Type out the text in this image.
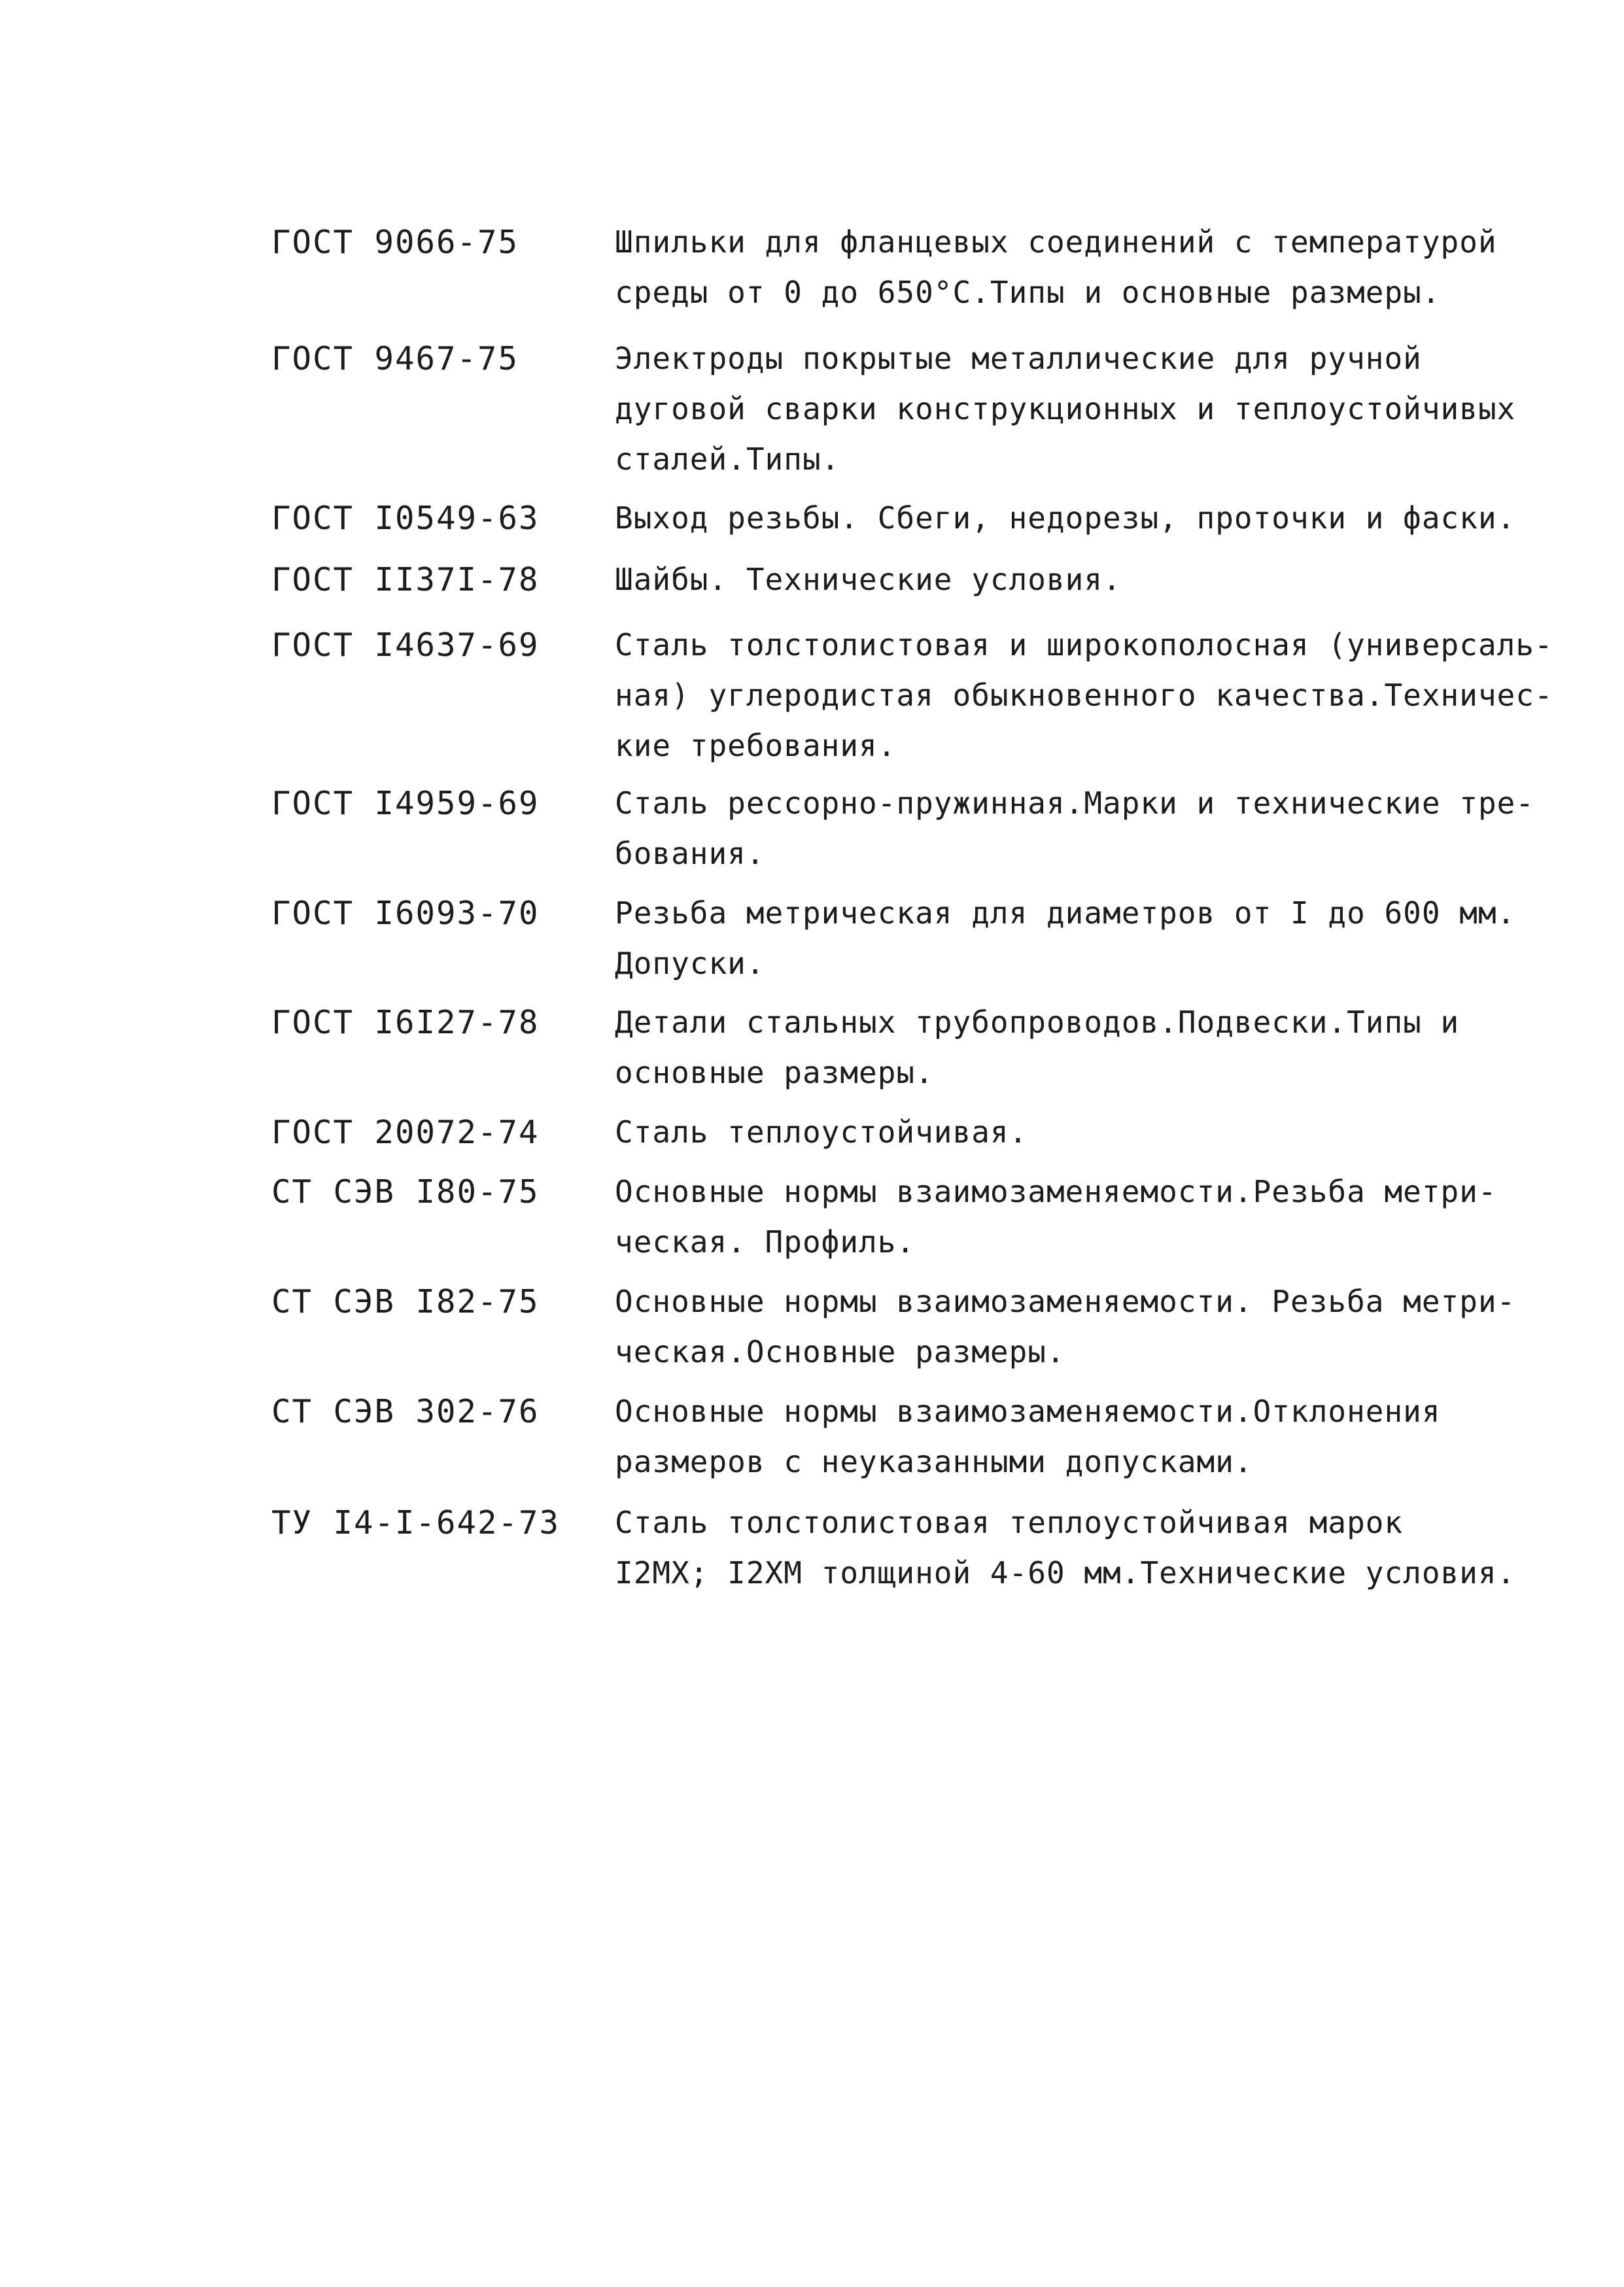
ГОСТ 9066-75	Шпильки для фланцевых соединений с температурой
среды от 0 до 650°С.Типы и основные размеры.
ГОСТ 9467-75	Электроды покрытые металлические для ручной
дуговой сварки конструкционных и теплоустойчивых
сталей.Типы.
ГОСТ I0549-63	Выход резьбы. Сбеги, недорезы, проточки и фаски.
ГОСТ II37I-78	Шайбы. Технические условия.
ГОСТ I4637-69	Сталь толстолистовая и широкополосная (универсаль-
ная) углеродистая обыкновенного качества.Техничес-
кие требования.
ГОСТ I4959-69	Сталь рессорно-пружинная.Марки и технические тре-
бования.
ГОСТ I6093-70	Резьба метрическая для диаметров от I до 600 мм.
Допуски.
ГОСТ I6I27-78	Детали стальных трубопроводов.Подвески.Типы и
основные размеры.
ГОСТ 20072-74	Сталь теплоустойчивая.
СТ СЭВ I80-75	Основные нормы взаимозаменяемости.Резьба метри-
ческая. Профиль.
СТ СЭВ I82-75	Основные нормы взаимозаменяемости. Резьба метри-
ческая.Основные размеры.
СТ СЭВ 302-76	Основные нормы взаимозаменяемости.Отклонения
размеров с неуказанными допусками.
ТУ I4-I-642-73	Сталь толстолистовая теплоустойчивая марок
I2МХ; I2ХМ толщиной 4-60 мм.Технические условия.
